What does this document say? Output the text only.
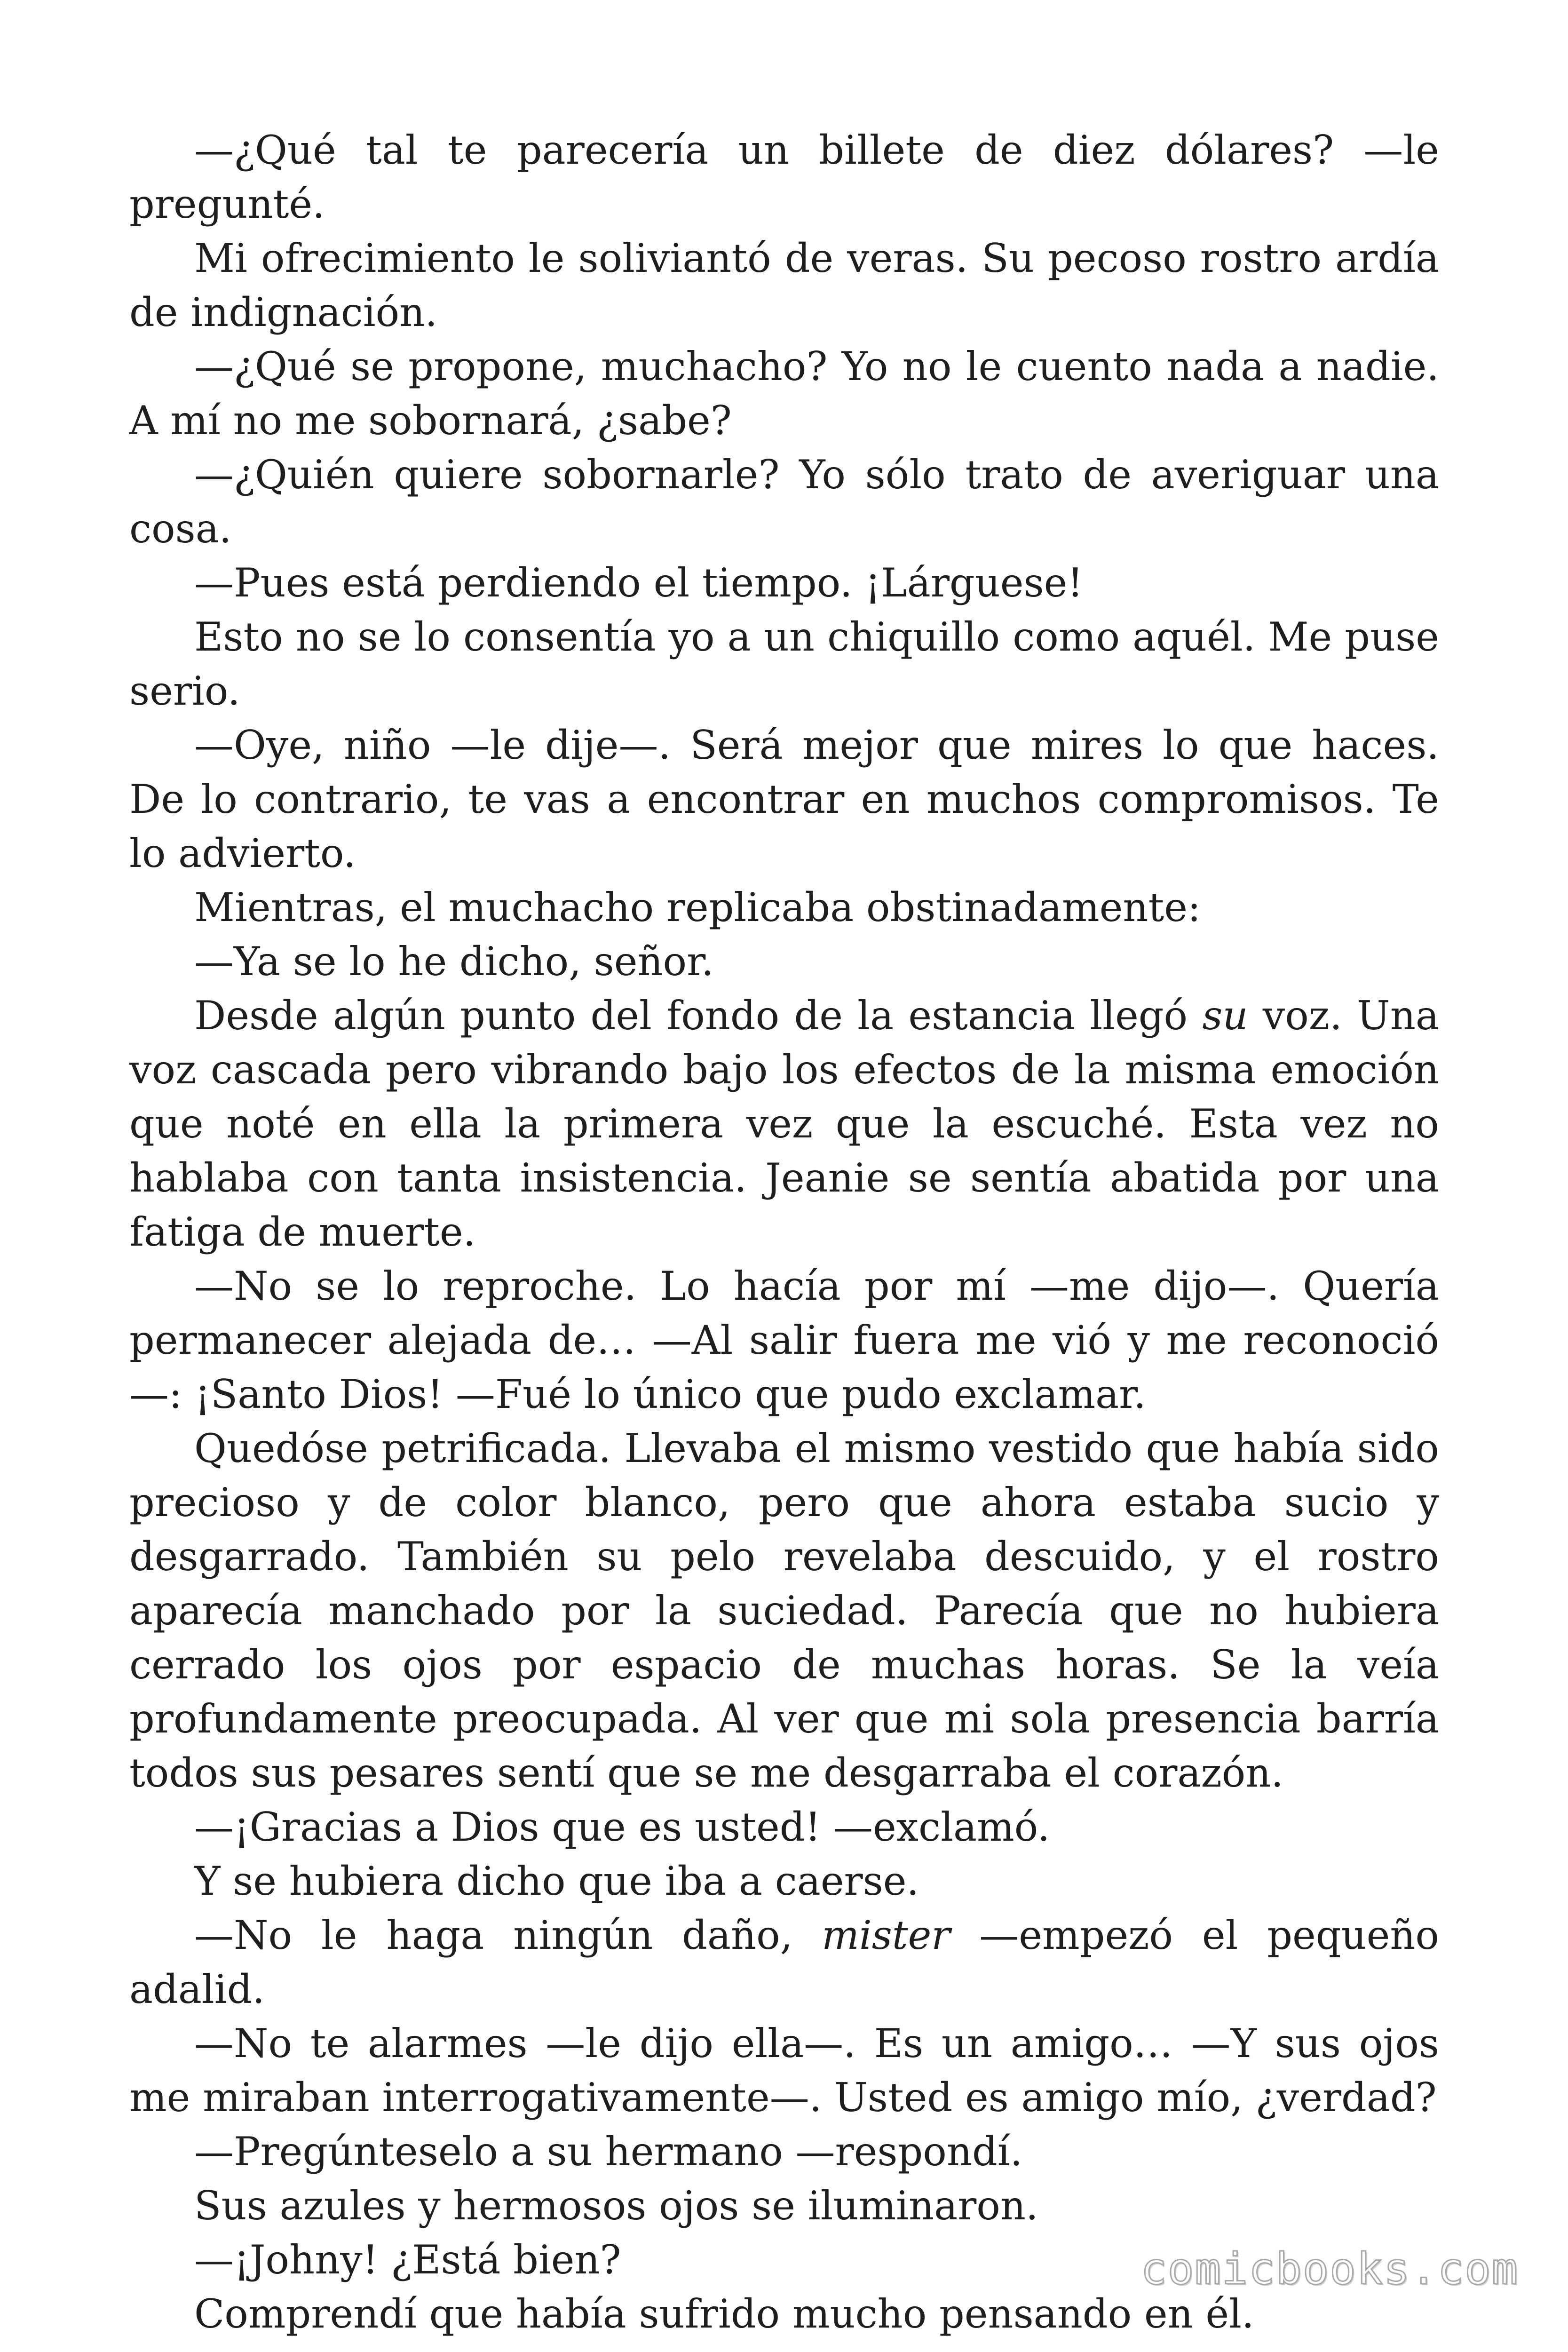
—¿Qué tal te parecería un billete de diez dólares? —le pregunté.

Mi ofrecimiento le soliviantó de veras. Su pecoso rostro ardía de indignación.

—¿Qué se propone, muchacho? Yo no le cuento nada a nadie. A mí no me sobornará, ¿sabe?

—¿Quién quiere sobornarle? Yo sólo trato de averiguar una cosa.

—Pues está perdiendo el tiempo. ¡Lárguese!

Esto no se lo consentía yo a un chiquillo como aquél. Me puse serio.

—Oye, niño —le dije—. Será mejor que mires lo que haces. De lo contrario, te vas a encontrar en muchos compromisos. Te lo advierto.

Mientras, el muchacho replicaba obstinadamente:

—Ya se lo he dicho, señor.

Desde algún punto del fondo de la estancia llegó su voz. Una voz cascada pero vibrando bajo los efectos de la misma emoción que noté en ella la primera vez que la escuché. Esta vez no hablaba con tanta insistencia. Jeanie se sentía abatida por una fatiga de muerte.

—No se lo reproche. Lo hacía por mí —me dijo—. Quería permanecer alejada de… —Al salir fuera me vió y me reconoció—: ¡Santo Dios! —Fué lo único que pudo exclamar.

Quedóse petrificada. Llevaba el mismo vestido que había sido precioso y de color blanco, pero que ahora estaba sucio y desgarrado. También su pelo revelaba descuido, y el rostro aparecía manchado por la suciedad. Parecía que no hubiera cerrado los ojos por espacio de muchas horas. Se la veía profundamente preocupada. Al ver que mi sola presencia barría todos sus pesares sentí que se me desgarraba el corazón.

—¡Gracias a Dios que es usted! —exclamó.

Y se hubiera dicho que iba a caerse.

—No le haga ningún daño, mister —empezó el pequeño adalid.

—No te alarmes —le dijo ella—. Es un amigo… —Y sus ojos me miraban interrogativamente—. Usted es amigo mío, ¿verdad?

—Pregúnteselo a su hermano —respondí.

Sus azules y hermosos ojos se iluminaron.

—¡Johny! ¿Está bien?

Comprendí que había sufrido mucho pensando en él.

comicbooks.com
